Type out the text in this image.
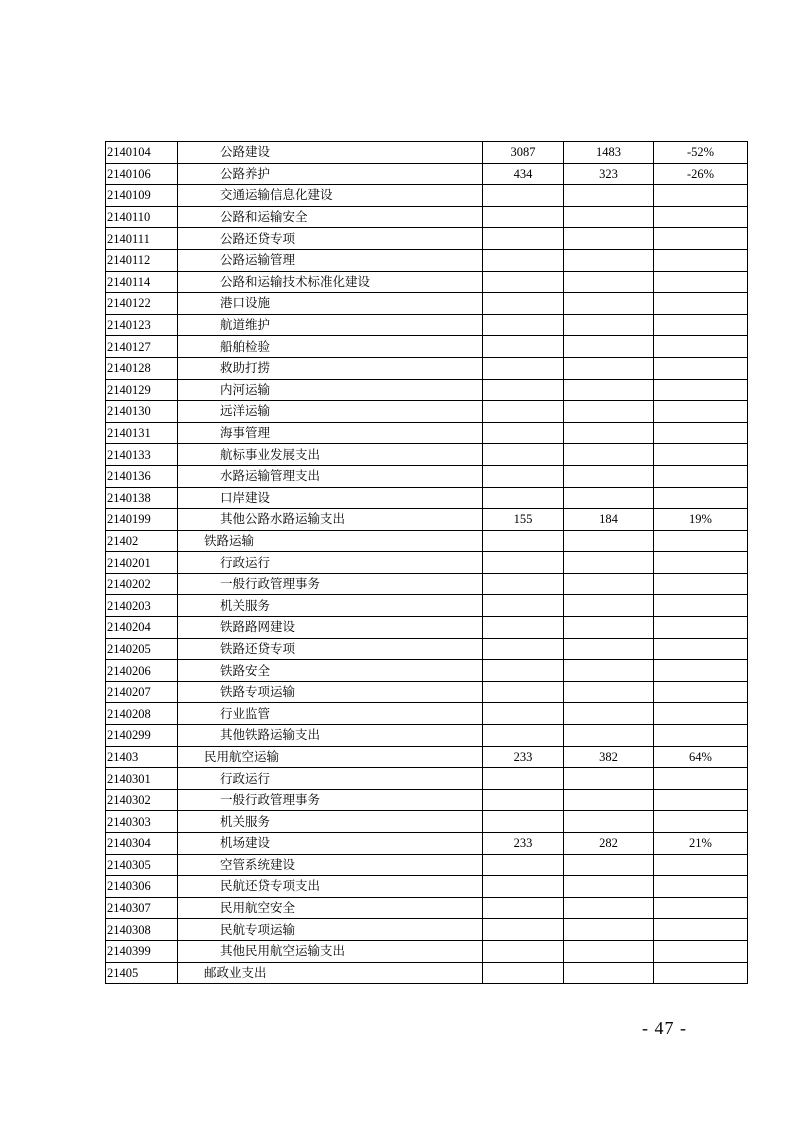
2140104	公路建设	3087	1483	-52%
2140106	公路养护	434	323	-26%
2140109	交通运输信息化建设			
2140110	公路和运输安全			
2140111	公路还贷专项			
2140112	公路运输管理			
2140114	公路和运输技术标准化建设			
2140122	港口设施			
2140123	航道维护			
2140127	船舶检验			
2140128	救助打捞			
2140129	内河运输			
2140130	远洋运输			
2140131	海事管理			
2140133	航标事业发展支出			
2140136	水路运输管理支出			
2140138	口岸建设			
2140199	其他公路水路运输支出	155	184	19%
21402	铁路运输			
2140201	行政运行			
2140202	一般行政管理事务			
2140203	机关服务			
2140204	铁路路网建设			
2140205	铁路还贷专项			
2140206	铁路安全			
2140207	铁路专项运输			
2140208	行业监管			
2140299	其他铁路运输支出			
21403	民用航空运输	233	382	64%
2140301	行政运行			
2140302	一般行政管理事务			
2140303	机关服务			
2140304	机场建设	233	282	21%
2140305	空管系统建设			
2140306	民航还贷专项支出			
2140307	民用航空安全			
2140308	民航专项运输			
2140399	其他民用航空运输支出			
21405	邮政业支出			
- 47 -
